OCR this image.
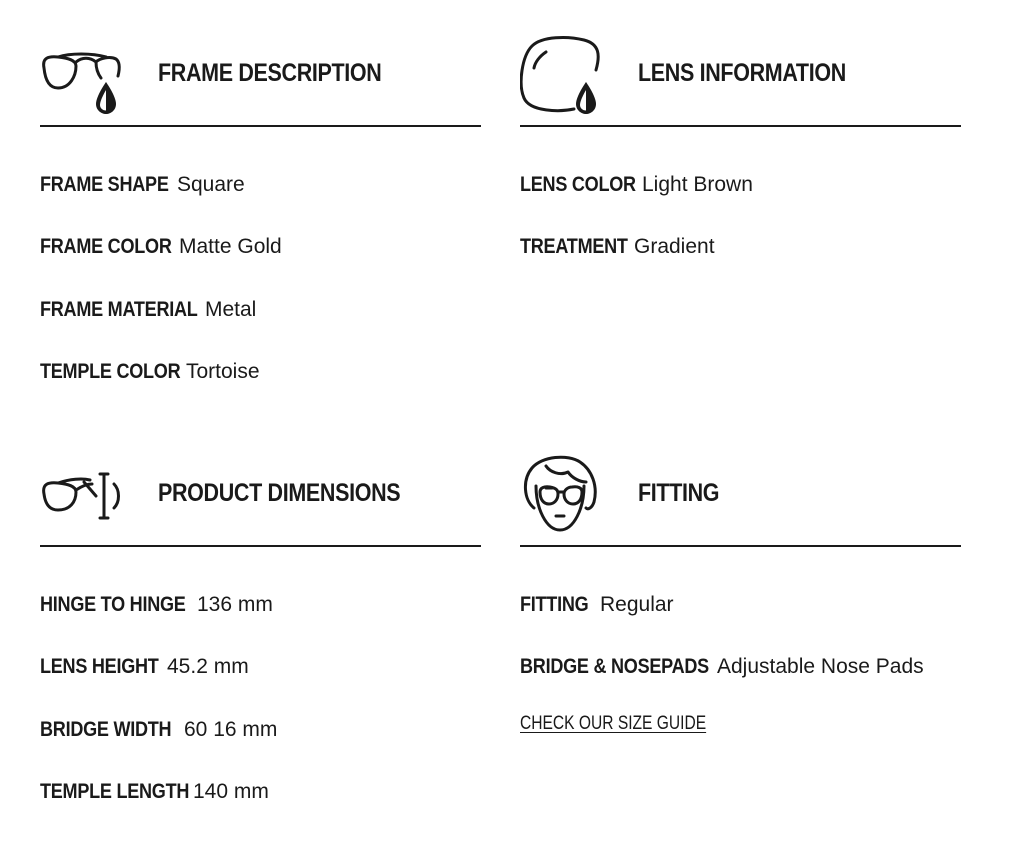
FRAME DESCRIPTION
FRAME SHAPE Square
FRAME COLOR Matte Gold
FRAME MATERIAL Metal
TEMPLE COLOR Tortoise
LENS INFORMATION
LENS COLOR Light Brown
TREATMENT Gradient
PRODUCT DIMENSIONS
HINGE TO HINGE 136 mm
LENS HEIGHT 45.2 mm
BRIDGE WIDTH 60 16 mm
TEMPLE LENGTH 140 mm
FITTING
FITTING Regular
BRIDGE & NOSEPADS Adjustable Nose Pads
CHECK OUR SIZE GUIDE
